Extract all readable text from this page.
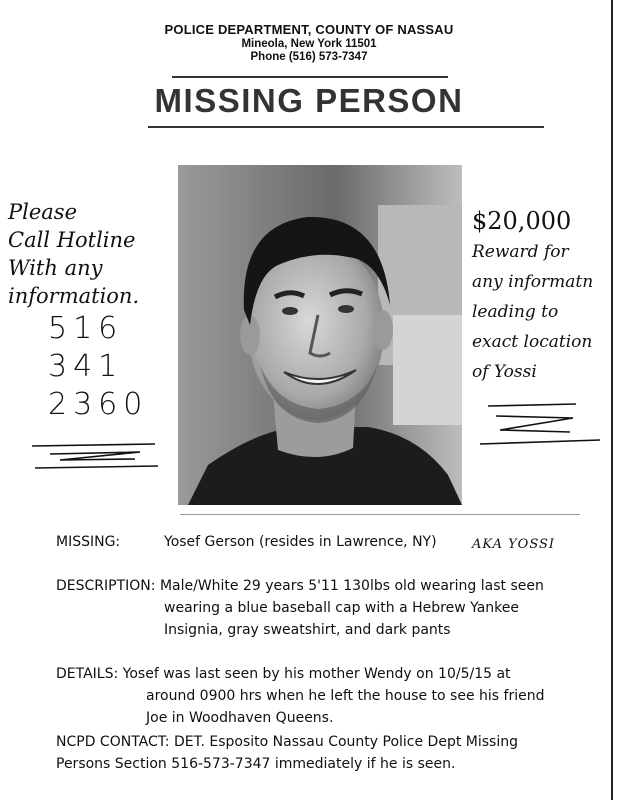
POLICE DEPARTMENT, COUNTY OF NASSAU
Mineola, New York 11501
Phone (516) 573-7347
MISSING PERSON
Please
Call Hotline
With any
information.
516
341
2360
$20,000
Reward for
any informatn
leading to
exact location
of Yossi
MISSING:	Yosef Gerson (resides in Lawrence, NY)	AKA YOSSI
DESCRIPTION: Male/White 29 years 5'11 130lbs old wearing last seen
wearing a blue baseball cap with a Hebrew Yankee
Insignia, gray sweatshirt, and dark pants
DETAILS: Yosef was last seen by his mother Wendy on 10/5/15 at
around 0900 hrs when he left the house to see his friend
Joe in Woodhaven Queens.
NCPD CONTACT: DET. Esposito Nassau County Police Dept Missing
Persons Section 516-573-7347 immediately if he is seen.
